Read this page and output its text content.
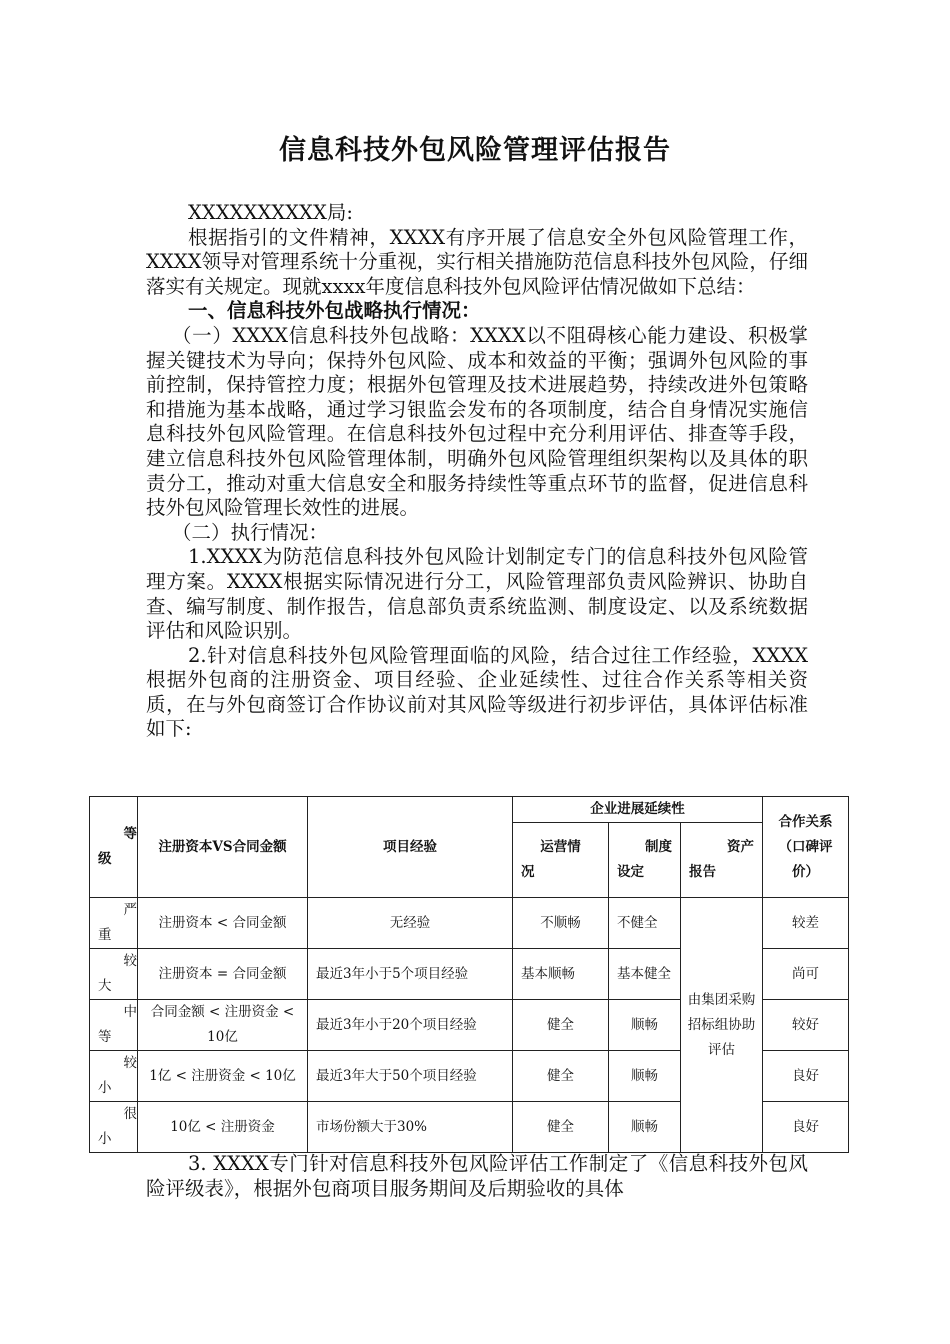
信息科技外包风险管理评估报告

XXXXXXXXXX局:

根据指引的文件精神，XXXX有序开展了信息安全外包风险管理工作，XXXX领导对管理系统十分重视，实行相关措施防范信息科技外包风险，仔细落实有关规定。现就xxxx年度信息科技外包风险评估情况做如下总结：

一、信息科技外包战略执行情况：

（一）XXXX信息科技外包战略：XXXX以不阻碍核心能力建设、积极掌握关键技术为导向；保持外包风险、成本和效益的平衡；强调外包风险的事前控制，保持管控力度；根据外包管理及技术进展趋势，持续改进外包策略和措施为基本战略，通过学习银监会发布的各项制度，结合自身情况实施信息科技外包风险管理。在信息科技外包过程中充分利用评估、排查等手段，建立信息科技外包风险管理体制，明确外包风险管理组织架构以及具体的职责分工，推动对重大信息安全和服务持续性等重点环节的监督，促进信息科技外包风险管理长效性的进展。

（二）执行情况：

1.XXXX为防范信息科技外包风险计划制定专门的信息科技外包风险管理方案。XXXX根据实际情况进行分工，风险管理部负责风险辨识、协助自查、编写制度、制作报告，信息部负责系统监测、制度设定、以及系统数据评估和风险识别。

2.针对信息科技外包风险管理面临的风险，结合过往工作经验，XXXX根据外包商的注册资金、项目经验、企业延续性、过往合作关系等相关资质，在与外包商签订合作协议前对其风险等级进行初步评估，具体评估标准如下:

等
级	注册资本VS合同金额	项目经验	企业进展延续性			合作关系（口碑评价）

			运营情
况	制度
设定	资产
报告	

严
重	注册资本 < 合同金额	无经验	不顺畅	不健全	由集团采购招标组协助评估	较差

较
大	注册资本 = 合同金额	最近3年小于5个项目经验	基本顺畅	基本健全		尚可

中
等	合同金额 < 注册资金 < 10亿	最近3年小于20个项目经验	健全	顺畅		较好

较
小	1亿 < 注册资金 < 10亿	最近3年大于50个项目经验	健全	顺畅		良好

很
小	10亿 < 注册资金	市场份额大于30%	健全	顺畅		良好

3. XXXX专门针对信息科技外包风险评估工作制定了《信息科技外包风险评级表》，根据外包商项目服务期间及后期验收的具体
